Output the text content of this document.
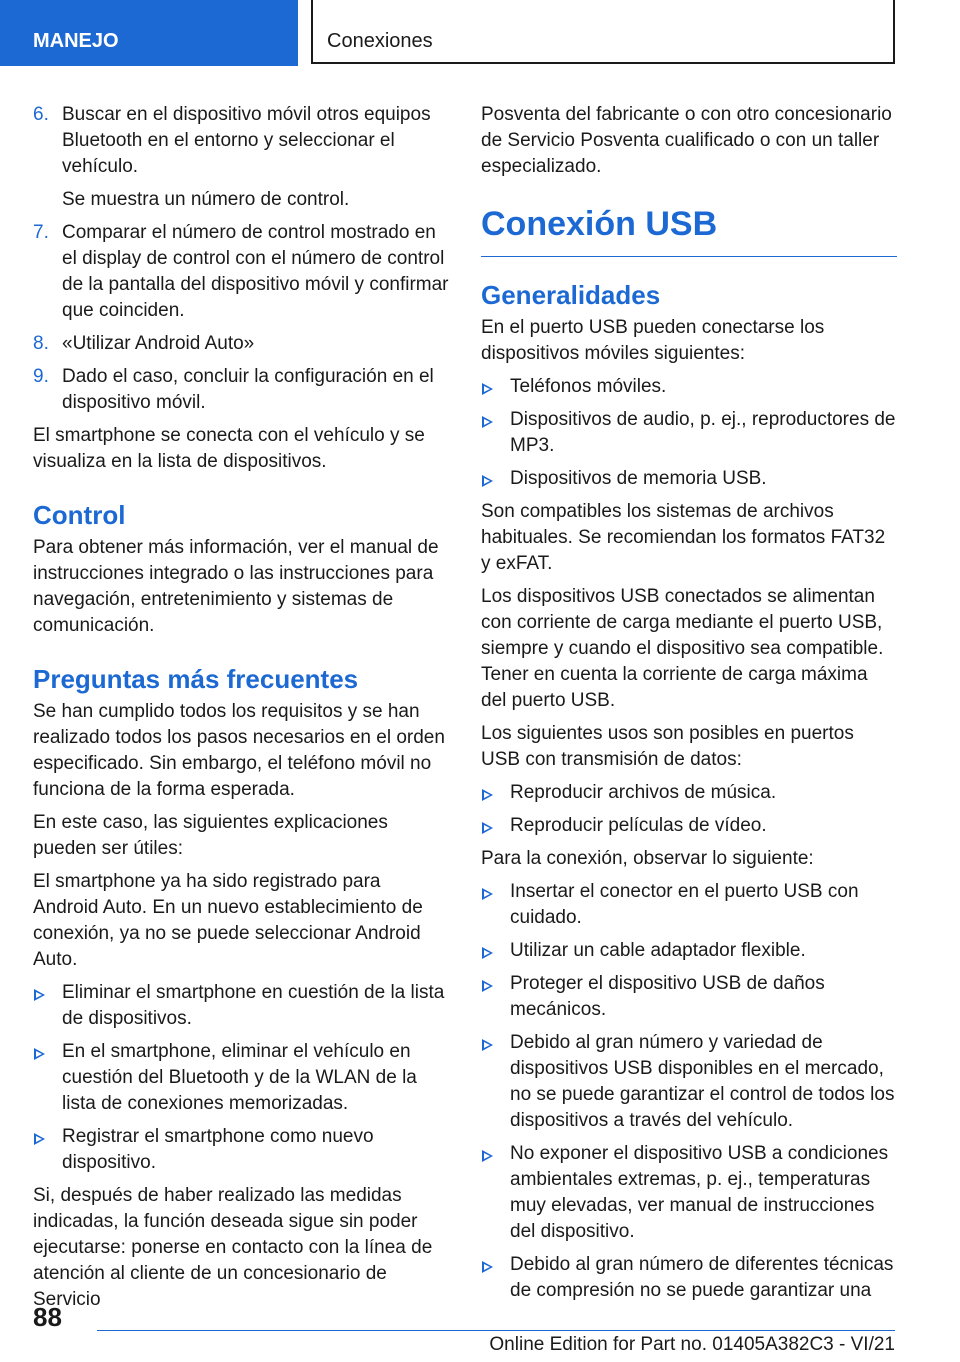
MANEJO	Conexiones
6. Buscar en el dispositivo móvil otros equipos Bluetooth en el entorno y seleccionar el vehículo.

Se muestra un número de control.

7. Comparar el número de control mostrado en el display de control con el número de control de la pantalla del dispositivo móvil y confirmar que coinciden.

8. «Utilizar Android Auto»

9. Dado el caso, concluir la configuración en el dispositivo móvil.

El smartphone se conecta con el vehículo y se visualiza en la lista de dispositivos.

Control

Para obtener más información, ver el manual de instrucciones integrado o las instrucciones para navegación, entretenimiento y sistemas de comunicación.

Preguntas más frecuentes

Se han cumplido todos los requisitos y se han realizado todos los pasos necesarios en el orden especificado. Sin embargo, el teléfono móvil no funciona de la forma esperada.

En este caso, las siguientes explicaciones pueden ser útiles:

El smartphone ya ha sido registrado para Android Auto. En un nuevo establecimiento de conexión, ya no se puede seleccionar Android Auto.

Eliminar el smartphone en cuestión de la lista de dispositivos.

En el smartphone, eliminar el vehículo en cuestión del Bluetooth y de la WLAN de la lista de conexiones memorizadas.

Registrar el smartphone como nuevo dispositivo.

Si, después de haber realizado las medidas indicadas, la función deseada sigue sin poder ejecutarse: ponerse en contacto con la línea de atención al cliente de un concesionario de Servicio

Posventa del fabricante o con otro concesionario de Servicio Posventa cualificado o con un taller especializado.

Conexión USB
Generalidades

En el puerto USB pueden conectarse los dispositivos móviles siguientes:

Teléfonos móviles.

Dispositivos de audio, p. ej., reproductores de MP3.

Dispositivos de memoria USB.

Son compatibles los sistemas de archivos habituales. Se recomiendan los formatos FAT32 y exFAT.

Los dispositivos USB conectados se alimentan con corriente de carga mediante el puerto USB, siempre y cuando el dispositivo sea compatible. Tener en cuenta la corriente de carga máxima del puerto USB.

Los siguientes usos son posibles en puertos USB con transmisión de datos:

Reproducir archivos de música.

Reproducir películas de vídeo.

Para la conexión, observar lo siguiente:

Insertar el conector en el puerto USB con cuidado.

Utilizar un cable adaptador flexible.

Proteger el dispositivo USB de daños mecánicos.

Debido al gran número y variedad de dispositivos USB disponibles en el mercado, no se puede garantizar el control de todos los dispositivos a través del vehículo.

No exponer el dispositivo USB a condiciones ambientales extremas, p. ej., temperaturas muy elevadas, ver manual de instrucciones del dispositivo.

Debido al gran número de diferentes técnicas de compresión no se puede garantizar una

88
Online Edition for Part no. 01405A382C3 - VI/21
